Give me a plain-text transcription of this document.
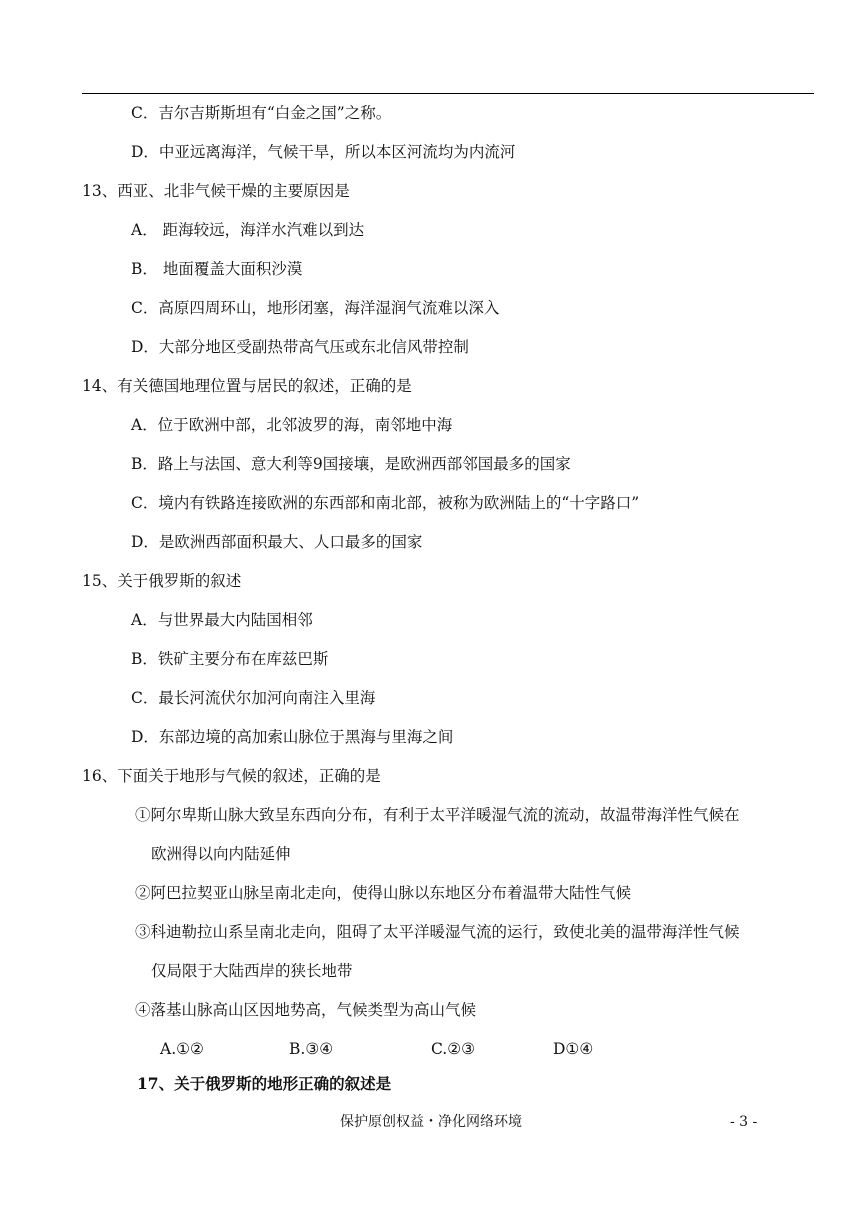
C．吉尔吉斯斯坦有“白金之国”之称。
D．中亚远离海洋，气候干旱，所以本区河流均为内流河
13、西亚、北非气候干燥的主要原因是
A． 距海较远，海洋水汽难以到达
B． 地面覆盖大面积沙漠
C．高原四周环山，地形闭塞，海洋湿润气流难以深入
D．大部分地区受副热带高气压或东北信风带控制
14、有关德国地理位置与居民的叙述，正确的是
A．位于欧洲中部，北邻波罗的海，南邻地中海
B．路上与法国、意大利等9国接壤，是欧洲西部邻国最多的国家
C．境内有铁路连接欧洲的东西部和南北部，被称为欧洲陆上的“十字路口”
D．是欧洲西部面积最大、人口最多的国家
15、关于俄罗斯的叙述
A．与世界最大内陆国相邻
B．铁矿主要分布在库兹巴斯
C．最长河流伏尔加河向南注入里海
D．东部边境的高加索山脉位于黑海与里海之间
16、下面关于地形与气候的叙述，正确的是
①阿尔卑斯山脉大致呈东西向分布，有利于太平洋暖湿气流的流动，故温带海洋性气候在
欧洲得以向内陆延伸
②阿巴拉契亚山脉呈南北走向，使得山脉以东地区分布着温带大陆性气候
③科迪勒拉山系呈南北走向，阻碍了太平洋暖湿气流的运行，致使北美的温带海洋性气候
仅局限于大陆西岸的狭长地带
④落基山脉高山区因地势高，气候类型为高山气候
A.①②	B.③④	C.②③	D①④
17、关于俄罗斯的地形正确的叙述是
保护原创权益・净化网络环境	- 3 -
